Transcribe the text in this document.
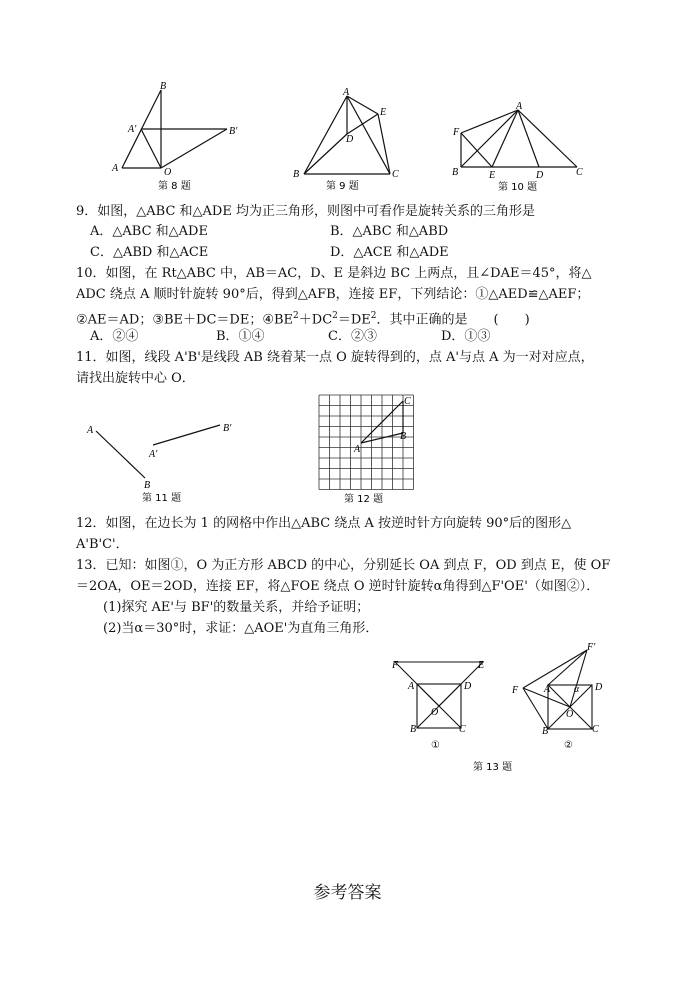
B
A′	B′
A	O
第 8 题
A
E
D
B	C
第 9 题
A
F
B	E	D	C
第 10 题
9．如图，△ABC 和△ADE 均为正三角形，则图中可看作是旋转关系的三角形是
A．△ABC 和△ADE	B．△ABC 和△ABD
C．△ABD 和△ACE	D．△ACE 和△ADE
10．如图，在 Rt△ABC 中，AB＝AC，D、E 是斜边 BC 上两点，且∠DAE＝45°，将△
ADC 绕点 A 顺时针旋转 90°后，得到△AFB，连接 EF，下列结论：①△AED≌△AEF；
②AE＝AD；③BE＋DC＝DE；$④BE^2+DC^2=DE^2$．其中正确的是　　(　　)
A．②④	B．①④	C．②③	D．①③
11．如图，线段 A'B'是线段 AB 绕着某一点 O 旋转得到的，点 A'与点 A 为一对对应点，
请找出旋转中心 O．
A
B
A′
B′
第 11 题
C
B
A
第 12 题
12．如图，在边长为 1 的网格中作出△ABC 绕点 A 按逆时针方向旋转 90°后的图形△
A'B'C'．
13．已知：如图①，O 为正方形 ABCD 的中心，分别延长 OA 到点 F，OD 到点 E，使 OF
＝2OA，OE＝2OD，连接 EF，将△FOE 绕点 O 逆时针旋转α角得到△F'OE'（如图②）．
(1)探究 AE'与 BF'的数量关系，并给予证明；
(2)当α＝30°时，求证：△AOE'为直角三角形．
F	E
A	D
O
B	C
①
F′
F	A α D
O
B	C
②
第 13 题
参考答案
